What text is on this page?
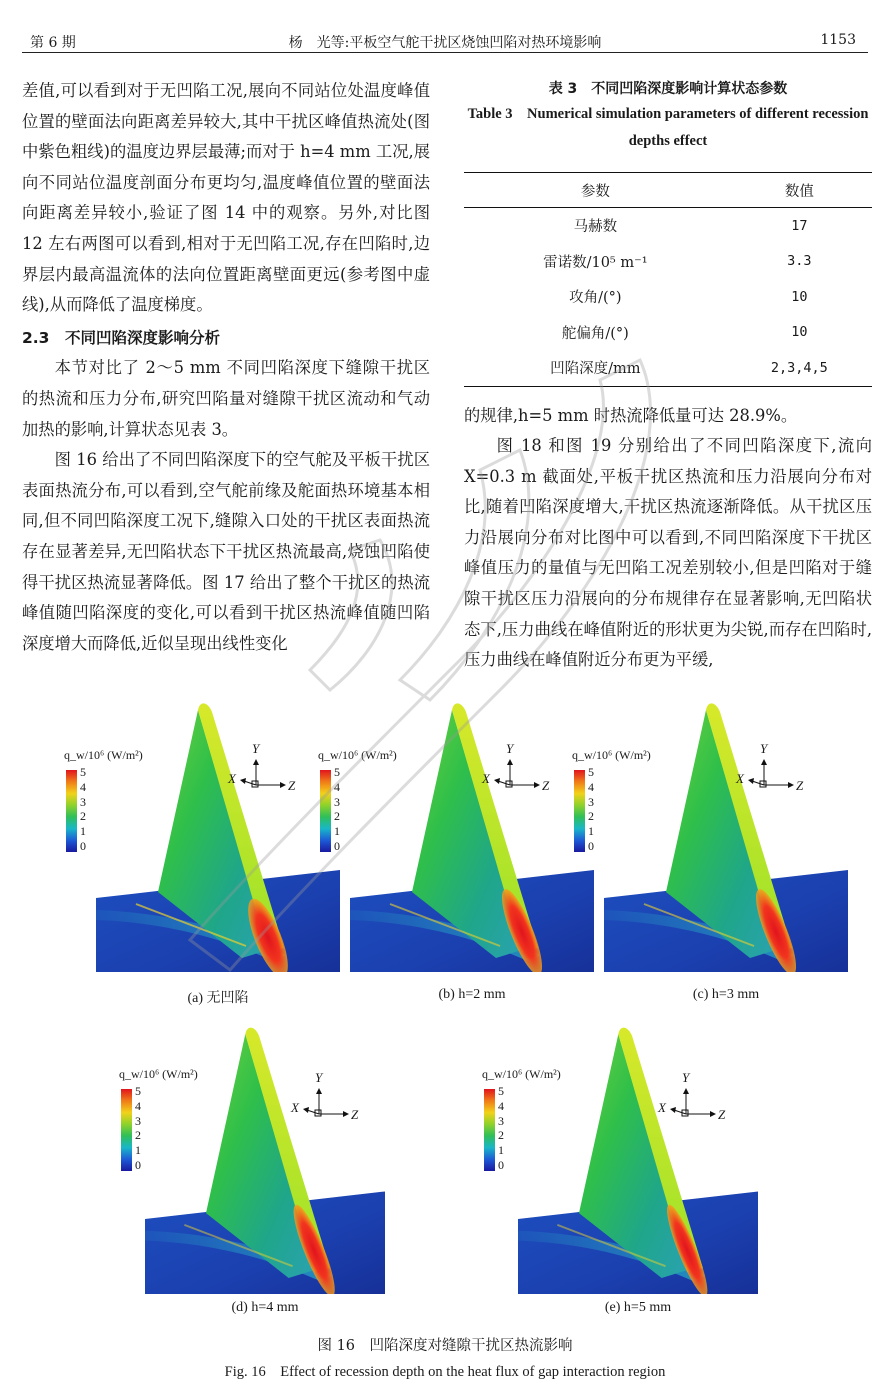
第 6 期	杨　光等:平板空气舵干扰区烧蚀凹陷对热环境影响	1153

差值,可以看到对于无凹陷工况,展向不同站位处温度峰值位置的壁面法向距离差异较大,其中干扰区峰值热流处(图中紫色粗线)的温度边界层最薄;而对于 h=4 mm 工况,展向不同站位温度剖面分布更均匀,温度峰值位置的壁面法向距离差异较小,验证了图 14 中的观察。另外,对比图 12 左右两图可以看到,相对于无凹陷工况,存在凹陷时,边界层内最高温流体的法向位置距离壁面更远(参考图中虚线),从而降低了温度梯度。

2.3　不同凹陷深度影响分析

本节对比了 2～5 mm 不同凹陷深度下缝隙干扰区的热流和压力分布,研究凹陷量对缝隙干扰区流动和气动加热的影响,计算状态见表 3。

图 16 给出了不同凹陷深度下的空气舵及平板干扰区表面热流分布,可以看到,空气舵前缘及舵面热环境基本相同,但不同凹陷深度工况下,缝隙入口处的干扰区表面热流存在显著差异,无凹陷状态下干扰区热流最高,烧蚀凹陷使得干扰区热流显著降低。图 17 给出了整个干扰区的热流峰值随凹陷深度的变化,可以看到干扰区热流峰值随凹陷深度增大而降低,近似呈现出线性变化

表 3　不同凹陷深度影响计算状态参数
Table 3　Numerical simulation parameters of different recession depths effect
参数	数值
马赫数	17
雷诺数/10⁵ m⁻¹	3.3
攻角/(°)	10
舵偏角/(°)	10
凹陷深度/mm	2,3,4,5

的规律,h=5 mm 时热流降低量可达 28.9%。

图 18 和图 19 分别给出了不同凹陷深度下,流向 X=0.3 m 截面处,平板干扰区热流和压力沿展向分布对比,随着凹陷深度增大,干扰区热流逐渐降低。从干扰区压力沿展向分布对比图中可以看到,不同凹陷深度下干扰区峰值压力的量值与无凹陷工况差别较小,但是凹陷对于缝隙干扰区压力沿展向的分布规律存在显著影响,无凹陷状态下,压力曲线在峰值附近的形状更为尖锐,而存在凹陷时,压力曲线在峰值附近分布更为平缓,

q_w/10⁶ (W/m²)
5
4
3
2
1
0
Y
X	Z
(a) 无凹陷
q_w/10⁶ (W/m²)
5
4
3
2
1
0
Y
X	Z
(b) h=2 mm
q_w/10⁶ (W/m²)
5
4
3
2
1
0
Y
X	Z
(c) h=3 mm
q_w/10⁶ (W/m²)
5
4
3
2
1
0
Y
X	Z
(d) h=4 mm
q_w/10⁶ (W/m²)
5
4
3
2
1
0
Y
X	Z
(e) h=5 mm
图 16　凹陷深度对缝隙干扰区热流影响
Fig. 16　Effect of recession depth on the heat flux of gap interaction region
